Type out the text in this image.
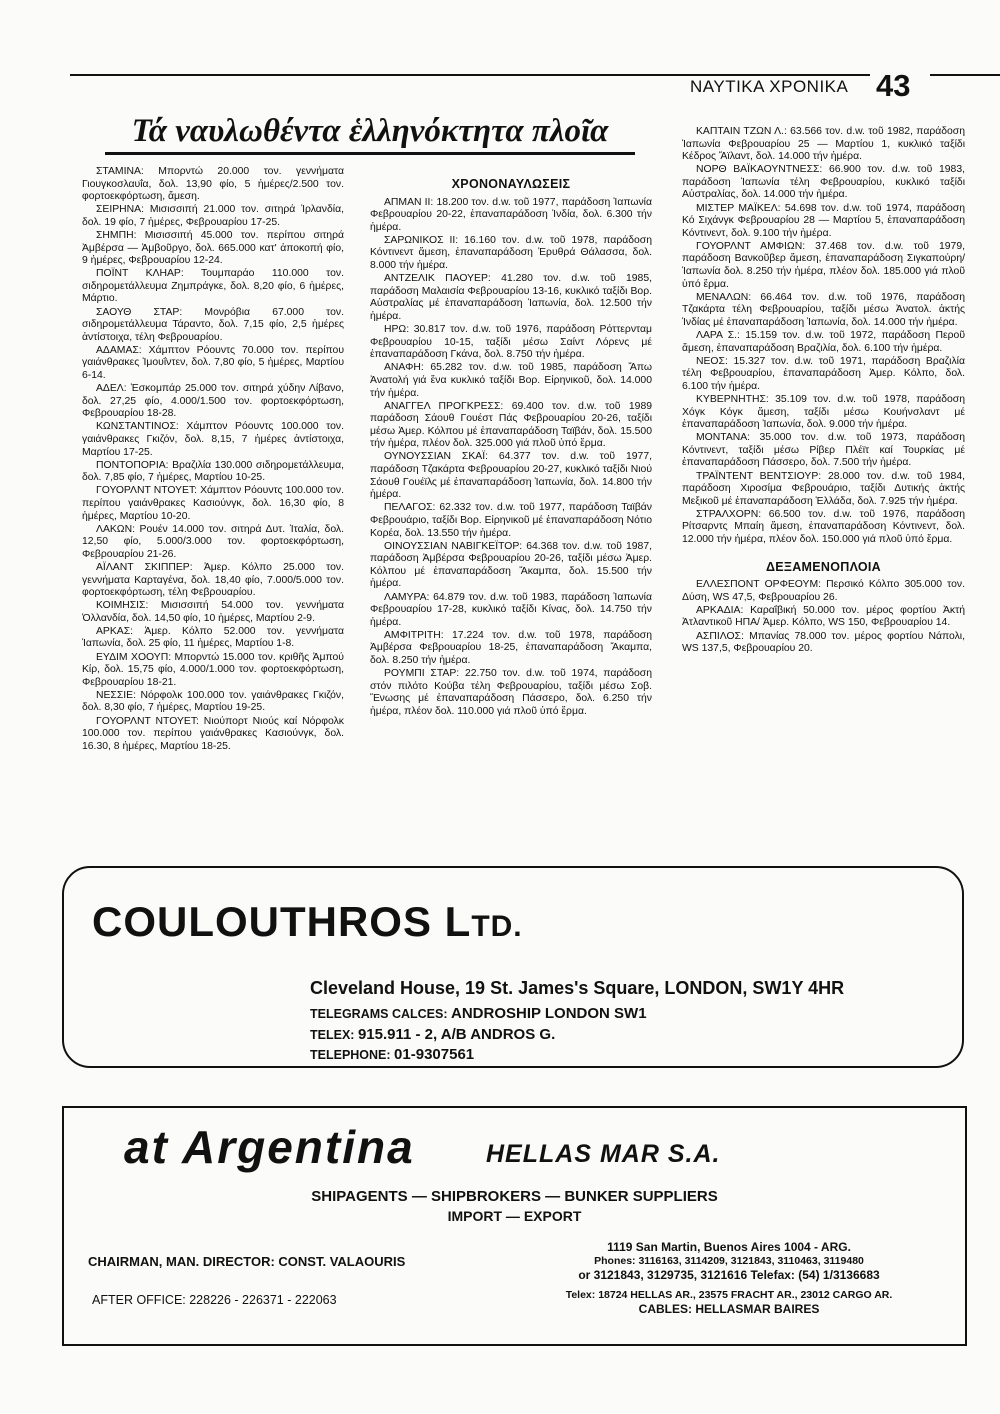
ΝΑΥΤΙΚΑ ΧΡΟΝΙΚΑ 43
Τά ναυλωθέντα ἑλληνόκτητα πλοῖα

ΣΤΑΜΙΝΑ: Μπορντώ 20.000 τον. γεννήματα Γιουγκοσλαυΐα, δολ. 13,90 φίο, 5 ἡμέρες/2.500 τον. φορτοεκφόρτωση, ἄμεση.

ΣΕΙΡΗΝΑ: Μισισσιπή 21.000 τον. σιτηρά Ἰρλανδία, δολ. 19 φίο, 7 ἡμέρες, Φεβρουαρίου 17-25.

ΣΗΜΠΗ: Μισισσιπή 45.000 τον. περίπου σιτηρά Ἀμβέρσα — Ἀμβοῦργο, δολ. 665.000 κατ' ἀποκοπή φίο, 9 ἡμέρες, Φεβρουαρίου 12-24.

ΠΟΪΝΤ ΚΛΗΑΡ: Τουμπαράο 110.000 τον. σιδηρομετάλλευμα Ζημπράγκε, δολ. 8,20 φίο, 6 ἡμέρες, Μάρτιο.

ΣΑΟΥΘ ΣΤΑΡ: Μονρόβια 67.000 τον. σιδηρομετάλλευμα Τάραντο, δολ. 7,15 φίο, 2,5 ἡμέρες ἀντίστοιχα, τέλη Φεβρουαρίου.

ΑΔΑΜΑΣ: Χάμπτον Ρόουντς 70.000 τον. περίπου γαιάνθρακες Ἰμουΐντεν, δολ. 7,80 φίο, 5 ἡμέρες, Μαρτίου 6-14.

ΑΔΕΛ: Ἐσκομπάρ 25.000 τον. σιτηρά χύδην Λίβανο, δολ. 27,25 φίο, 4.000/1.500 τον. φορτοεκφόρτωση, Φεβρουαρίου 18-28.

ΚΩΝΣΤΑΝΤΙΝΟΣ: Χάμπτον Ρόουντς 100.000 τον. γαιάνθρακες Γκιζόν, δολ. 8,15, 7 ἡμέρες ἀντίστοιχα, Μαρτίου 17-25.

ΠΟΝΤΟΠΟΡΙΑ: Βραζιλία 130.000 σιδηρομετάλλευμα, δολ. 7,85 φίο, 7 ἡμέρες, Μαρτίου 10-25.

ΓΟΥΟΡΛΝΤ ΝΤΟΥΕΤ: Χάμπτον Ρόουντς 100.000 τον. περίπου γαιάνθρακες Κασιούνγκ, δολ. 16,30 φίο, 8 ἡμέρες, Μαρτίου 10-20.

ΛΑΚΩΝ: Ρουέν 14.000 τον. σιτηρά Δυτ. Ἰταλία, δολ. 12,50 φίο, 5.000/3.000 τον. φορτοεκφόρτωση, Φεβρουαρίου 21-26.

ΑΪΛΑΝΤ ΣΚΙΠΠΕΡ: Ἀμερ. Κόλπο 25.000 τον. γεννήματα Καρταγένα, δολ. 18,40 φίο, 7.000/5.000 τον. φορτοεκφόρτωση, τέλη Φεβρουαρίου.

ΚΟΙΜΗΣΙΣ: Μισισσιπή 54.000 τον. γεννήματα Ὀλλανδία, δολ. 14,50 φίο, 10 ἡμέρες, Μαρτίου 2-9.

ΑΡΚΑΣ: Ἀμερ. Κόλπο 52.000 τον. γεννήματα Ἰαπωνία, δολ. 25 φίο, 11 ἡμέρες, Μαρτίου 1-8.

ΕΥΔΙΜ ΧΟΟΥΠ: Μπορντώ 15.000 τον. κριθῆς Ἀμπού Κίρ, δολ. 15,75 φίο, 4.000/1.000 τον. φορτοεκφόρτωση, Φεβρουαρίου 18-21.

ΝΕΣΣΙΕ: Νόρφολκ 100.000 τον. γαιάνθρακες Γκιζόν, δολ. 8,30 φίο, 7 ἡμέρες, Μαρτίου 19-25.

ΓΟΥΟΡΛΝΤ ΝΤΟΥΕΤ: Νιούπορτ Νιούς καί Νόρφολκ 100.000 τον. περίπου γαιάνθρακες Κασιούνγκ, δολ. 16.30, 8 ἡμέρες, Μαρτίου 18-25.

ΧΡΟΝΟΝΑΥΛΩΣΕΙΣ

ΑΠΜΑΝ ΙΙ: 18.200 τον. d.w. τοῦ 1977, παράδοση Ἰαπωνία Φεβρουαρίου 20-22, ἐπαναπαράδοση Ἰνδία, δολ. 6.300 τήν ἡμέρα.

ΣΑΡΩΝΙΚΟΣ ΙΙ: 16.160 τον. d.w. τοῦ 1978, παράδοση Κόντινεντ ἄμεση, ἐπαναπαράδοση Ἐρυθρά Θάλασσα, δολ. 8.000 τήν ἡμέρα.

ΑΝΤΖΕΛΙΚ ΠΑΟΥΕΡ: 41.280 τον. d.w. τοῦ 1985, παράδοση Μαλαισία Φεβρουαρίου 13-16, κυκλικό ταξίδι Βορ. Αὐστραλίας μέ ἐπαναπαράδοση Ἰαπωνία, δολ. 12.500 τήν ἡμέρα.

ΗΡΩ: 30.817 τον. d.w. τοῦ 1976, παράδοση Ρόττερνταμ Φεβρουαρίου 10-15, ταξίδι μέσω Σαίντ Λόρενς μέ ἐπαναπαράδοση Γκάνα, δολ. 8.750 τήν ἡμέρα.

ΑΝΑΦΗ: 65.282 τον. d.w. τοῦ 1985, παράδοση Ἄπω Ἀνατολή γιά ἕνα κυκλικό ταξίδι Βορ. Εἰρηνικοῦ, δολ. 14.000 τήν ἡμέρα.

ΑΝΑΓΓΕΛ ΠΡΟΓΚΡΕΣΣ: 69.400 τον. d.w. τοῦ 1989 παράδοση Σάουθ Γουέστ Πάς Φεβρουαρίου 20-26, ταξίδι μέσω Ἀμερ. Κόλπου μέ ἐπαναπαράδοση Ταϊβάν, δολ. 15.500 τήν ἡμέρα, πλέον δολ. 325.000 γιά πλοῦ ὑπό ἔρμα.

ΟΥΝΟΥΣΣΙΑΝ ΣΚΑΪ: 64.377 τον. d.w. τοῦ 1977, παράδοση Τζακάρτα Φεβρουαρίου 20-27, κυκλικό ταξίδι Νιού Σάουθ Γουέϊλς μέ ἐπαναπαράδοση Ἰαπωνία, δολ. 14.800 τήν ἡμέρα.

ΠΕΛΑΓΟΣ: 62.332 τον. d.w. τοῦ 1977, παράδοση Ταϊβάν Φεβρουάριο, ταξίδι Βορ. Εἰρηνικοῦ μέ ἐπαναπαράδοση Νότιο Κορέα, δολ. 13.550 τήν ἡμέρα.

ΟΙΝΟΥΣΣΙΑΝ ΝΑΒΙΓΚΕΪΤΟΡ: 64.368 τον. d.w. τοῦ 1987, παράδοση Ἀμβέρσα Φεβρουαρίου 20-26, ταξίδι μέσω Ἀμερ. Κόλπου μέ ἐπαναπαράδοση Ἄκαμπα, δολ. 15.500 τήν ἡμέρα.

ΛΑΜΥΡΑ: 64.879 τον. d.w. τοῦ 1983, παράδοση Ἰαπωνία Φεβρουαρίου 17-28, κυκλικό ταξίδι Κίνας, δολ. 14.750 τήν ἡμέρα.

ΑΜΦΙΤΡΙΤΗ: 17.224 τον. d.w. τοῦ 1978, παράδοση Ἀμβέρσα Φεβρουαρίου 18-25, ἐπαναπαράδοση Ἄκαμπα, δολ. 8.250 τήν ἡμέρα.

ΡΟΥΜΠΙ ΣΤΑΡ: 22.750 τον. d.w. τοῦ 1974, παράδοση στόν πιλότο Κούβα τέλη Φεβρουαρίου, ταξίδι μέσω Σοβ. Ἕνωσης μέ ἐπαναπαράδοση Πάσσερο, δολ. 6.250 τήν ἡμέρα, πλέον δολ. 110.000 γιά πλοῦ ὑπό ἔρμα.

ΚΑΠΤΑΙΝ ΤΖΩΝ Λ.: 63.566 τον. d.w. τοῦ 1982, παράδοση Ἰαπωνία Φεβρουαρίου 25 — Μαρτίου 1, κυκλικό ταξίδι Κέδρος Ἄϊλαντ, δολ. 14.000 τήν ἡμέρα.

ΝΟΡΘ ΒΑΪΚΑΟΥΝΤΝΕΣΣ: 66.900 τον. d.w. τοῦ 1983, παράδοση Ἰαπωνία τέλη Φεβρουαρίου, κυκλικό ταξίδι Αὐστραλίας, δολ. 14.000 τήν ἡμέρα.

ΜΙΣΤΕΡ ΜΑΪΚΕΛ: 54.698 τον. d.w. τοῦ 1974, παράδοση Κό Σιχάνγκ Φεβρουαρίου 28 — Μαρτίου 5, ἐπαναπαράδοση Κόντινεντ, δολ. 9.100 τήν ἡμέρα.

ΓΟΥΟΡΛΝΤ ΑΜΦΙΩΝ: 37.468 τον. d.w. τοῦ 1979, παράδοση Βανκοῦβερ ἄμεση, ἐπαναπαράδοση Σιγκαπούρη/ Ἰαπωνία δολ. 8.250 τήν ἡμέρα, πλέον δολ. 185.000 γιά πλοῦ ὑπό ἔρμα.

ΜΕΝΑΛΩΝ: 66.464 τον. d.w. τοῦ 1976, παράδοση Τζακάρτα τέλη Φεβρουαρίου, ταξίδι μέσω Ἀνατολ. ἀκτής Ἰνδίας μέ ἐπαναπαράδοση Ἰαπωνία, δολ. 14.000 τήν ἡμέρα.

ΛΑΡΑ Σ.: 15.159 τον. d.w. τοῦ 1972, παράδοση Περοῦ ἄμεση, ἐπαναπαράδοση Βραζιλία, δολ. 6.100 τήν ἡμέρα.

ΝΕΟΣ: 15.327 τον. d.w. τοῦ 1971, παράδοση Βραζιλία τέλη Φεβρουαρίου, ἐπαναπαράδοση Ἀμερ. Κόλπο, δολ. 6.100 τήν ἡμέρα.

ΚΥΒΕΡΝΗΤΗΣ: 35.109 τον. d.w. τοῦ 1978, παράδοση Χόγκ Κόγκ ἄμεση, ταξίδι μέσω Κουήνσλαντ μέ ἐπαναπαράδοση Ἰαπωνία, δολ. 9.000 τήν ἡμέρα.

ΜΟΝΤΑΝΑ: 35.000 τον. d.w. τοῦ 1973, παράδοση Κόντινεντ, ταξίδι μέσω Ρίβερ Πλέϊτ καί Τουρκίας μέ ἐπαναπαράδοση Πάσσερο, δολ. 7.500 τήν ἡμέρα.

ΤΡΑΪΝΤΕΝΤ ΒΕΝΤΣΙΟΥΡ: 28.000 τον. d.w. τοῦ 1984, παράδοση Χιροσίμα Φεβρουάριο, ταξίδι Δυτικής ἀκτής Μεξικοῦ μέ ἐπαναπαράδοση Ἑλλάδα, δολ. 7.925 τήν ἡμέρα.

ΣΤΡΑΛΧΟΡΝ: 66.500 τον. d.w. τοῦ 1976, παράδοση Ρίτσαρντς Μπαίη ἄμεση, ἐπαναπαράδοση Κόντινεντ, δολ. 12.000 τήν ἡμέρα, πλέον δολ. 150.000 γιά πλοῦ ὑπό ἔρμα.

ΔΕΞΑΜΕΝΟΠΛΟΙΑ

ΕΛΛΕΣΠΟΝΤ ΟΡΦΕΟΥΜ: Περσικό Κόλπο 305.000 τον. Δύση, WS 47,5, Φεβρουαρίου 26.

ΑΡΚΑΔΙΑ: Καραΐβική 50.000 τον. μέρος φορτίου Ἀκτή Ἀτλαντικοῦ ΗΠΑ/ Ἀμερ. Κόλπο, WS 150, Φεβρουαρίου 14.

ΑΣΠΙΛΟΣ: Μπανίας 78.000 τον. μέρος φορτίου Νάπολι, WS 137,5, Φεβρουαρίου 20.

COULOUTHROS LTD.
Cleveland House, 19 St. James's Square, LONDON, SW1Y 4HR
TELEGRAMS CALCES: ANDROSHIP LONDON SW1
TELEX: 915.911 - 2, A/B ANDROS G.
TELEPHONE: 01-9307561
at Argentina	HELLAS MAR S.A.
SHIPAGENTS — SHIPBROKERS — BUNKER SUPPLIERS
IMPORT — EXPORT
CHAIRMAN, MAN. DIRECTOR: CONST. VALAOURIS
AFTER OFFICE: 228226 - 226371 - 222063
1119 San Martin, Buenos Aires 1004 - ARG.
Phones: 3116163, 3114209, 3121843, 3110463, 3119480
or 3121843, 3129735, 3121616 Telefax: (54) 1/3136683
Telex: 18724 HELLAS AR., 23575 FRACHT AR., 23012 CARGO AR.
CABLES: HELLASMAR BAIRES
